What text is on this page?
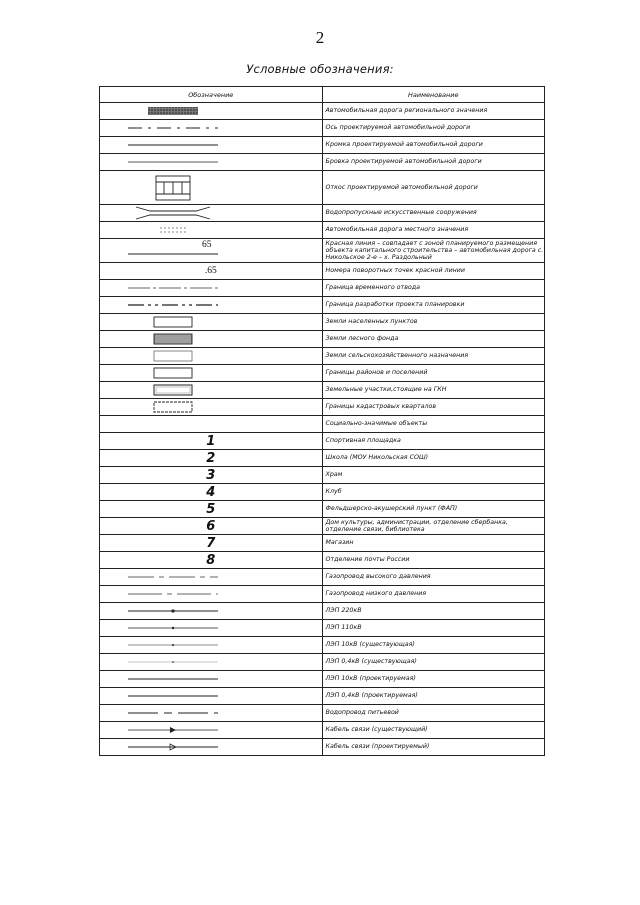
2
Условные обозначения:
Обозначение	Наименование

	Автомобильная дорога регионального значения

	Ось проектируемой автомобильной дороги

	Кромка проектируемой автомобильной дороги

	Бровка проектируемой автомобильной дороги

	Откос проектируемой автомобильной дороги

	Водопропускные искусственные сооружения

	Автомобильная дорога местного значения

65	Красная линия – совпадает с зоной планируемого размещения объекта капитального строительства – автомобильная дорога с. Никольское 2-е – х. Раздольный
.65	Номера поворотных точек красной линии

	Граница временного отвода

	Граница разработки проекта планировки

	Земли населенных пунктов

	Земли лесного фонда

	Земли сельскохозяйственного назначения

	Границы районов и поселений

	Земельные участки,стоящие на ГКН

	Границы кадастровых кварталов
	Социально-значимые объекты
1	Спортивная площадка
2	Школа (МОУ Никольская СОШ)
3	Храм
4	Клуб
5	Фельдшерско-акушерский пункт (ФАП)
6	Дом культуры, администрации, отделение сбербанка, отделение связи, библиотека
7	Магазин
8	Отделение почты России

	Газопровод высокого давления

	Газопровод низкого давления

	ЛЭП 220кВ

	ЛЭП 110кВ

	ЛЭП 10кВ (существующая)

	ЛЭП 0,4кВ (существующая)

	ЛЭП 10кВ (проектируемая)

	ЛЭП 0,4кВ (проектируемая)

	Водопровод питьевой

	Кабель связи (существующий)

	Кабель связи (проектируемый)
